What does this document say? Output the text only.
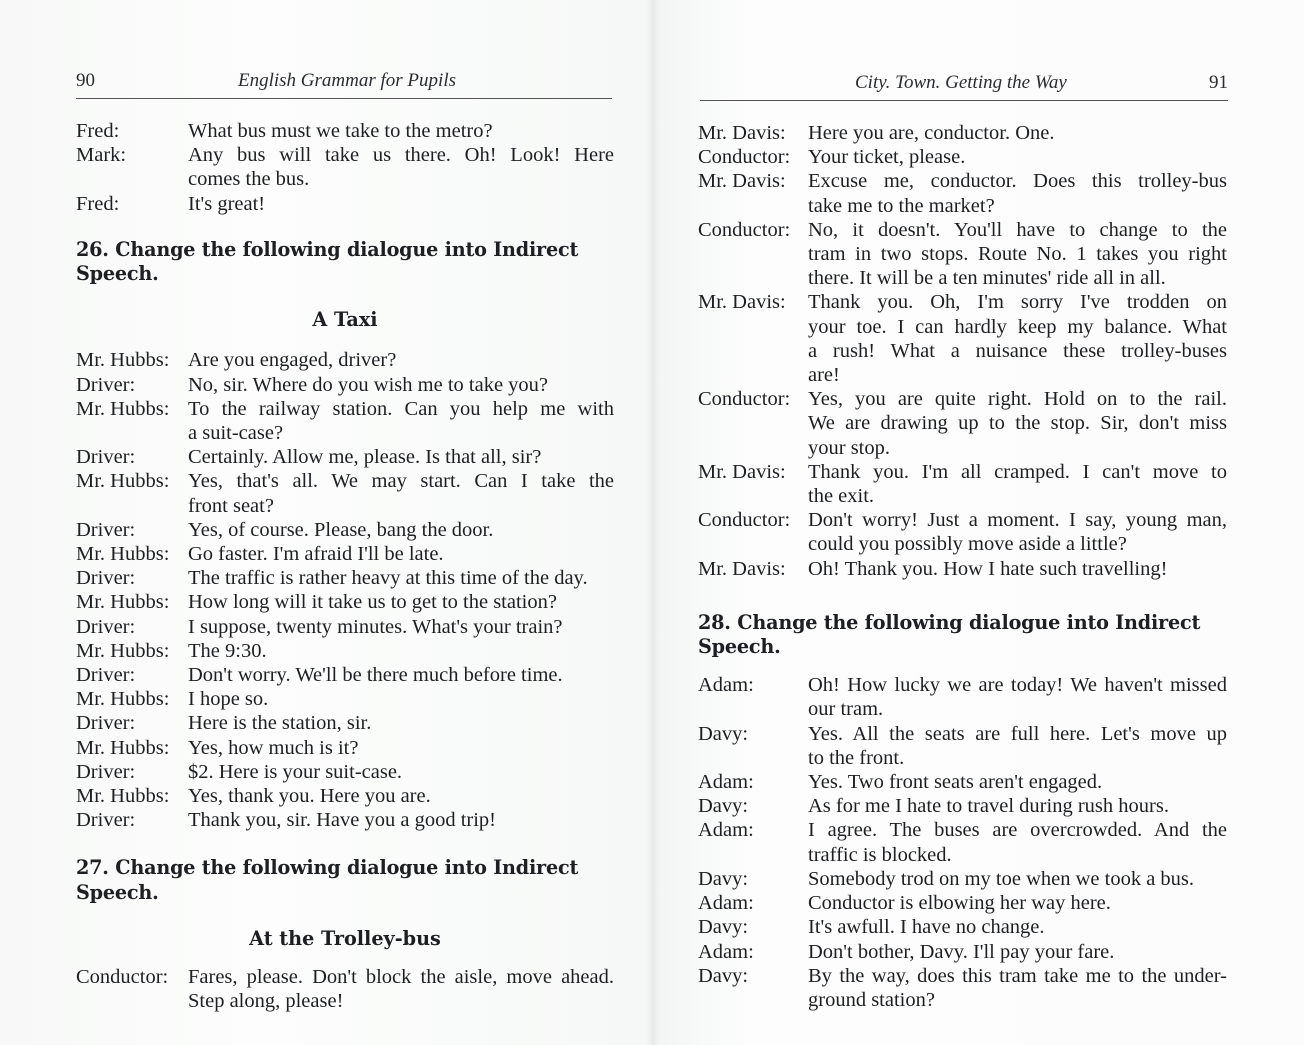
90	English Grammar for Pupils
Fred:	What bus must we take to the metro?
Mark:	Any bus will take us there. Oh! Look! Here
comes the bus.
Fred:	It's great!
26. Change the following dialogue into Indirect Speech.
A Taxi
Mr. Hubbs: Are you engaged, driver?
Driver:	No, sir. Where do you wish me to take you?
Mr. Hubbs: To the railway station. Can you help me with
a suit-case?
Driver:	Certainly. Allow me, please. Is that all, sir?
Mr. Hubbs: Yes, that's all. We may start. Can I take the
front seat?
Driver:	Yes, of course. Please, bang the door.
Mr. Hubbs: Go faster. I'm afraid I'll be late.
Driver:	The traffic is rather heavy at this time of the day.
Mr. Hubbs: How long will it take us to get to the station?
Driver:	I suppose, twenty minutes. What's your train?
Mr. Hubbs: The 9:30.
Driver:	Don't worry. We'll be there much before time.
Mr. Hubbs: I hope so.
Driver:	Here is the station, sir.
Mr. Hubbs: Yes, how much is it?
Driver:	$2. Here is your suit-case.
Mr. Hubbs: Yes, thank you. Here you are.
Driver:	Thank you, sir. Have you a good trip!
27. Change the following dialogue into Indirect Speech.
At the Trolley-bus
Conductor: Fares, please. Don't block the aisle, move ahead.
Step along, please!
City. Town. Getting the Way	91
Mr. Davis:	Here you are, conductor. One.
Conductor: Your ticket, please.
Mr. Davis:	Excuse me, conductor. Does this trolley-bus
take me to the market?
Conductor: No, it doesn't. You'll have to change to the
tram in two stops. Route No. 1 takes you right
there. It will be a ten minutes' ride all in all.
Mr. Davis:	Thank you. Oh, I'm sorry I've trodden on
your toe. I can hardly keep my balance. What
a rush! What a nuisance these trolley-buses
are!
Conductor: Yes, you are quite right. Hold on to the rail.
We are drawing up to the stop. Sir, don't miss
your stop.
Mr. Davis:	Thank you. I'm all cramped. I can't move to
the exit.
Conductor: Don't worry! Just a moment. I say, young man,
could you possibly move aside a little?
Mr. Davis:	Oh! Thank you. How I hate such travelling!
28. Change the following dialogue into Indirect Speech.
Adam:	Oh! How lucky we are today! We haven't missed
our tram.
Davy:	Yes. All the seats are full here. Let's move up
to the front.
Adam:	Yes. Two front seats aren't engaged.
Davy:	As for me I hate to travel during rush hours.
Adam:	I agree. The buses are overcrowded. And the
traffic is blocked.
Davy:	Somebody trod on my toe when we took a bus.
Adam:	Conductor is elbowing her way here.
Davy:	It's awfull. I have no change.
Adam:	Don't bother, Davy. I'll pay your fare.
Davy:	By the way, does this tram take me to the under-
ground station?
